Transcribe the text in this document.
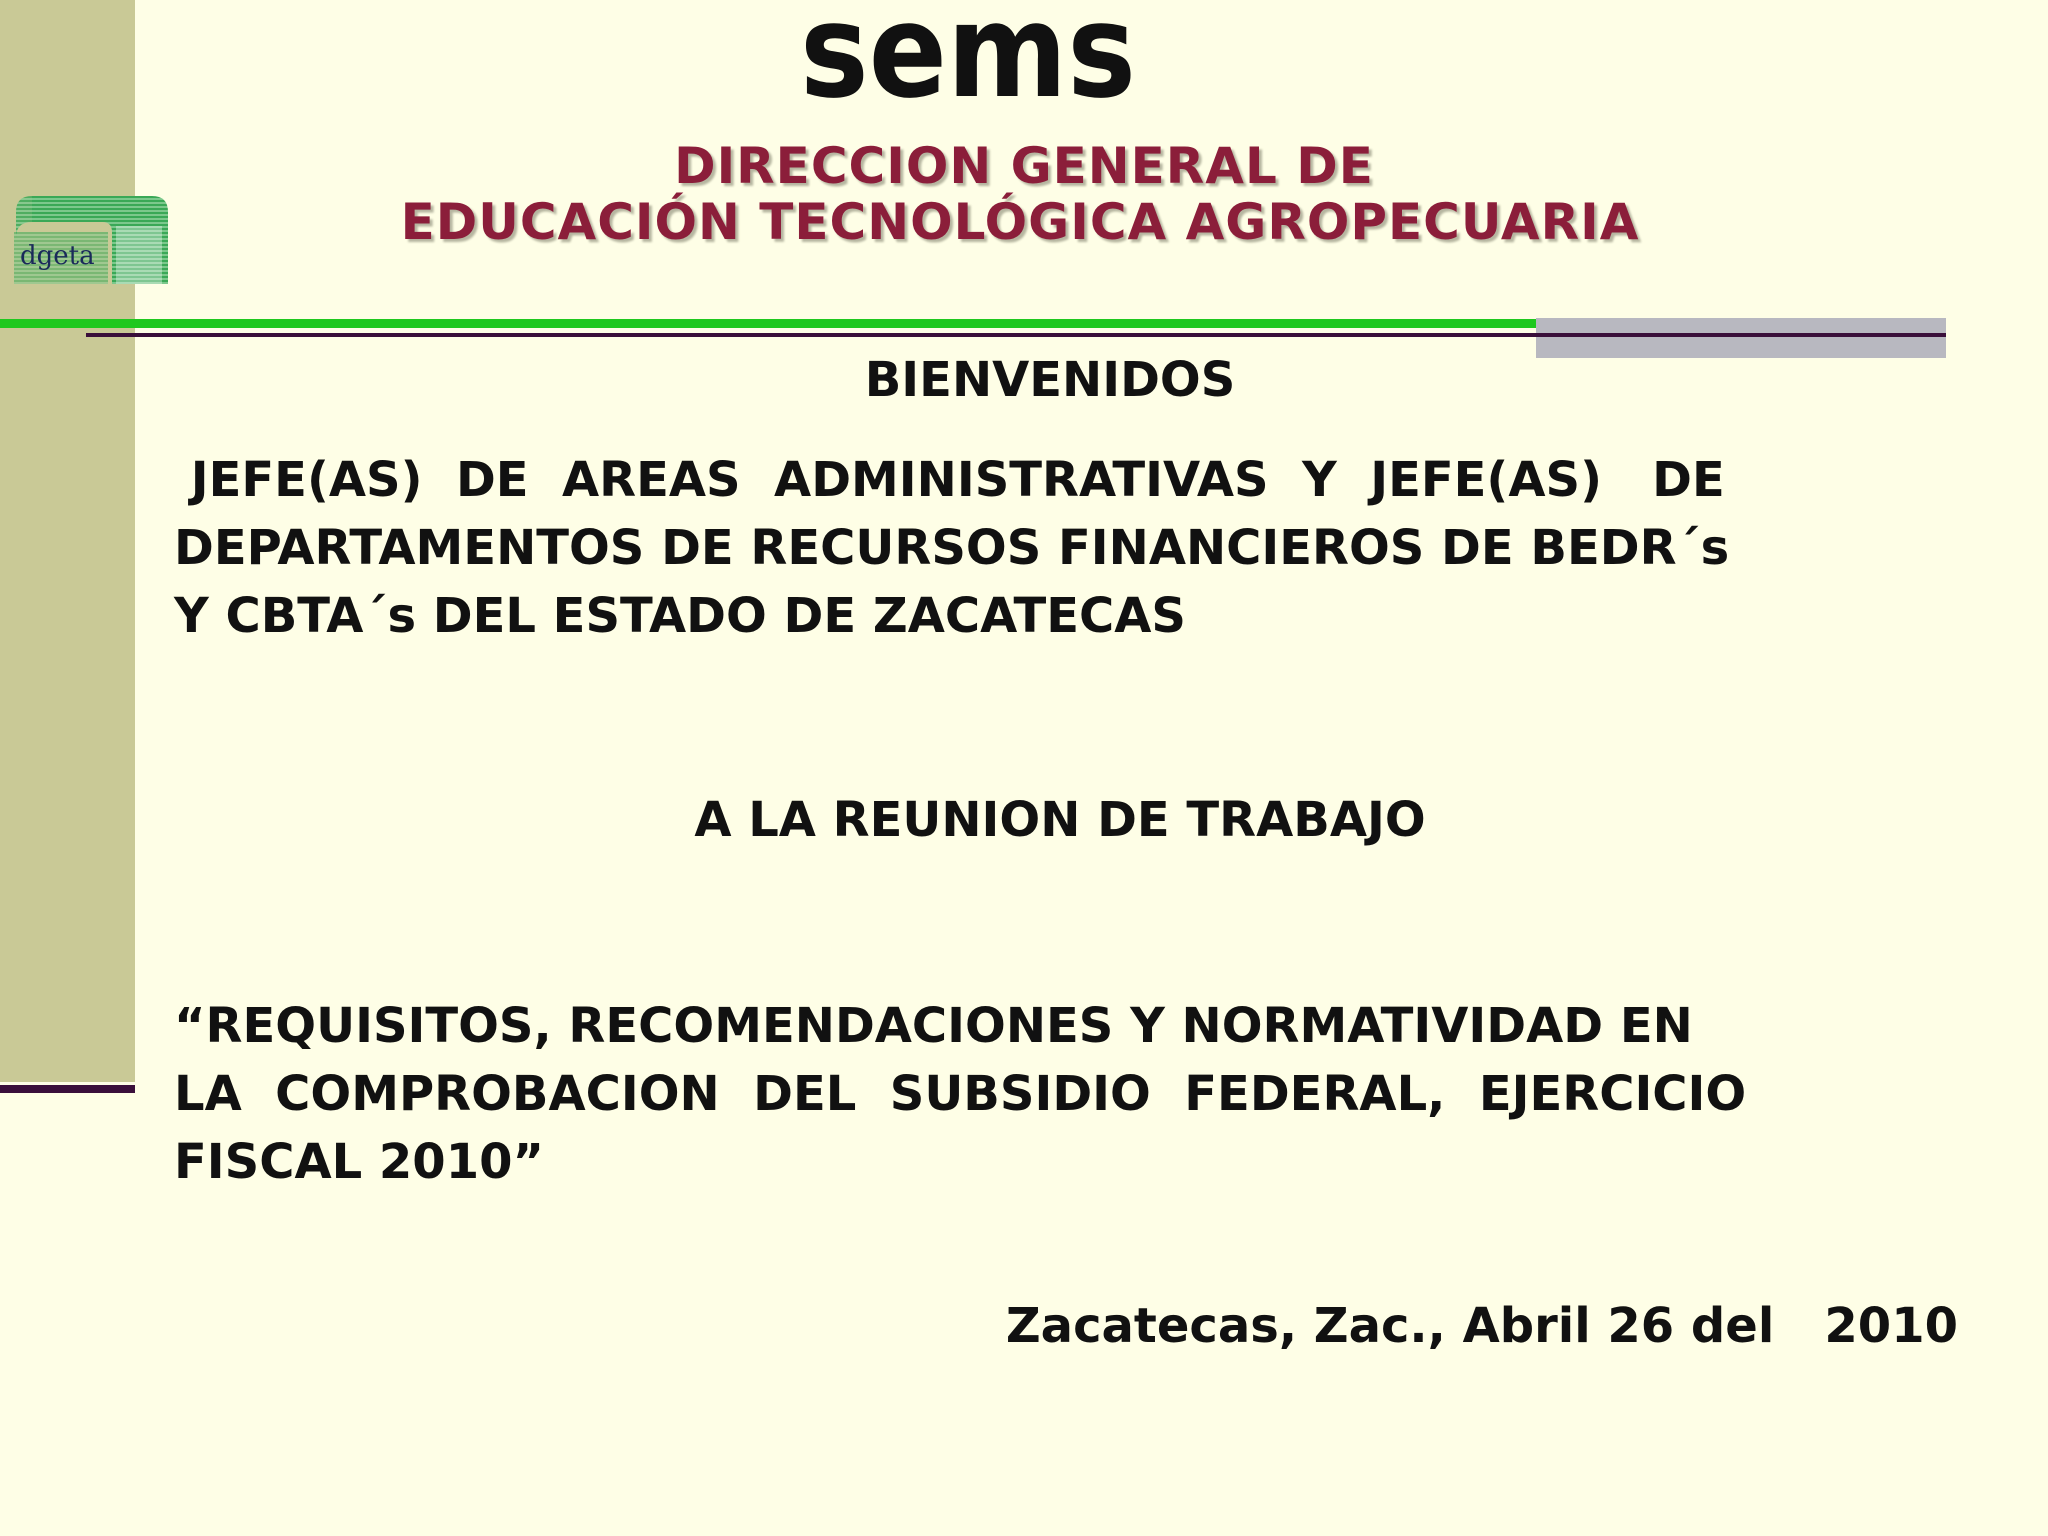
sems
dgeta
DIRECCION GENERAL DE
EDUCACIÓN TECNOLÓGICA AGROPECUARIA
BIENVENIDOS
JEFE(AS)  DE  AREAS  ADMINISTRATIVAS  Y  JEFE(AS)   DE
DEPARTAMENTOS DE RECURSOS FINANCIEROS DE BEDR´s
Y CBTA´s DEL ESTADO DE ZACATECAS
A LA REUNION DE TRABAJO
“REQUISITOS, RECOMENDACIONES Y NORMATIVIDAD EN
LA  COMPROBACION  DEL  SUBSIDIO  FEDERAL,  EJERCICIO
FISCAL 2010”
Zacatecas, Zac., Abril 26 del   2010
